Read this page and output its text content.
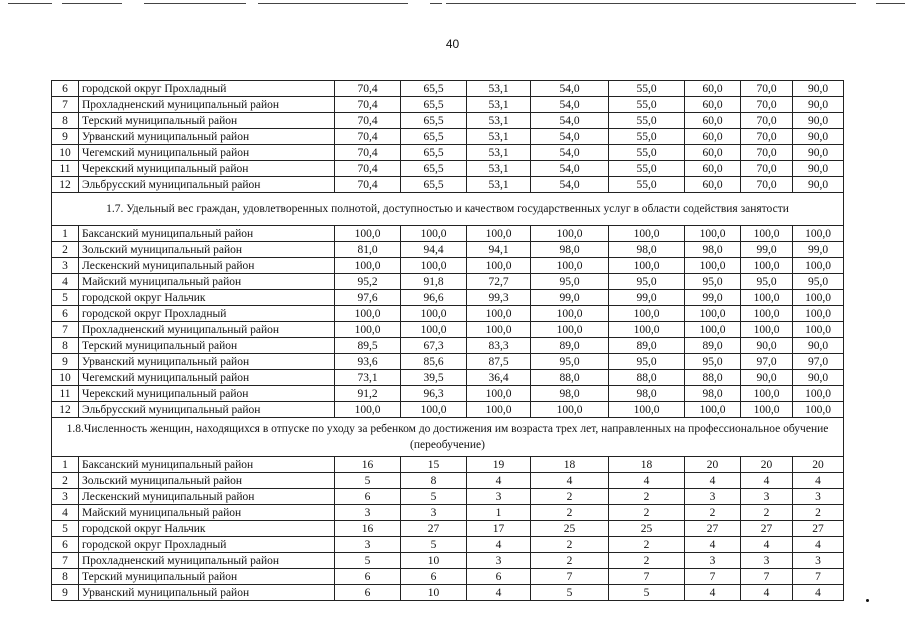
40
6	городской округ Прохладный	70,4	65,5	53,1	54,0	55,0	60,0	70,0	90,0
7	Прохладненский муниципальный район	70,4	65,5	53,1	54,0	55,0	60,0	70,0	90,0
8	Терский муниципальный район	70,4	65,5	53,1	54,0	55,0	60,0	70,0	90,0
9	Урванский муниципальный район	70,4	65,5	53,1	54,0	55,0	60,0	70,0	90,0
10	Чегемский муниципальный район	70,4	65,5	53,1	54,0	55,0	60,0	70,0	90,0
11	Черекский муниципальный район	70,4	65,5	53,1	54,0	55,0	60,0	70,0	90,0
12	Эльбрусский муниципальный район	70,4	65,5	53,1	54,0	55,0	60,0	70,0	90,0
1.7. Удельный вес граждан, удовлетворенных полнотой, доступностью и качеством государственных услуг в области содействия занятости									
1	Баксанский муниципальный район	100,0	100,0	100,0	100,0	100,0	100,0	100,0	100,0
2	Зольский муниципальный район	81,0	94,4	94,1	98,0	98,0	98,0	99,0	99,0
3	Лескенский муниципальный район	100,0	100,0	100,0	100,0	100,0	100,0	100,0	100,0
4	Майский муниципальный район	95,2	91,8	72,7	95,0	95,0	95,0	95,0	95,0
5	городской округ Нальчик	97,6	96,6	99,3	99,0	99,0	99,0	100,0	100,0
6	городской округ Прохладный	100,0	100,0	100,0	100,0	100,0	100,0	100,0	100,0
7	Прохладненский муниципальный район	100,0	100,0	100,0	100,0	100,0	100,0	100,0	100,0
8	Терский муниципальный район	89,5	67,3	83,3	89,0	89,0	89,0	90,0	90,0
9	Урванский муниципальный район	93,6	85,6	87,5	95,0	95,0	95,0	97,0	97,0
10	Чегемский муниципальный район	73,1	39,5	36,4	88,0	88,0	88,0	90,0	90,0
11	Черекский муниципальный район	91,2	96,3	100,0	98,0	98,0	98,0	100,0	100,0
12	Эльбрусский муниципальный район	100,0	100,0	100,0	100,0	100,0	100,0	100,0	100,0
1.8.Численность женщин, находящихся в отпуске по уходу за ребенком до достижения им возраста трех лет, направленных на профессиональное обучение (переобучение)									
1	Баксанский муниципальный район	16	15	19	18	18	20	20	20
2	Зольский муниципальный район	5	8	4	4	4	4	4	4
3	Лескенский муниципальный район	6	5	3	2	2	3	3	3
4	Майский муниципальный район	3	3	1	2	2	2	2	2
5	городской округ Нальчик	16	27	17	25	25	27	27	27
6	городской округ Прохладный	3	5	4	2	2	4	4	4
7	Прохладненский муниципальный район	5	10	3	2	2	3	3	3
8	Терский муниципальный район	6	6	6	7	7	7	7	7
9	Урванский муниципальный район	6	10	4	5	5	4	4	4
